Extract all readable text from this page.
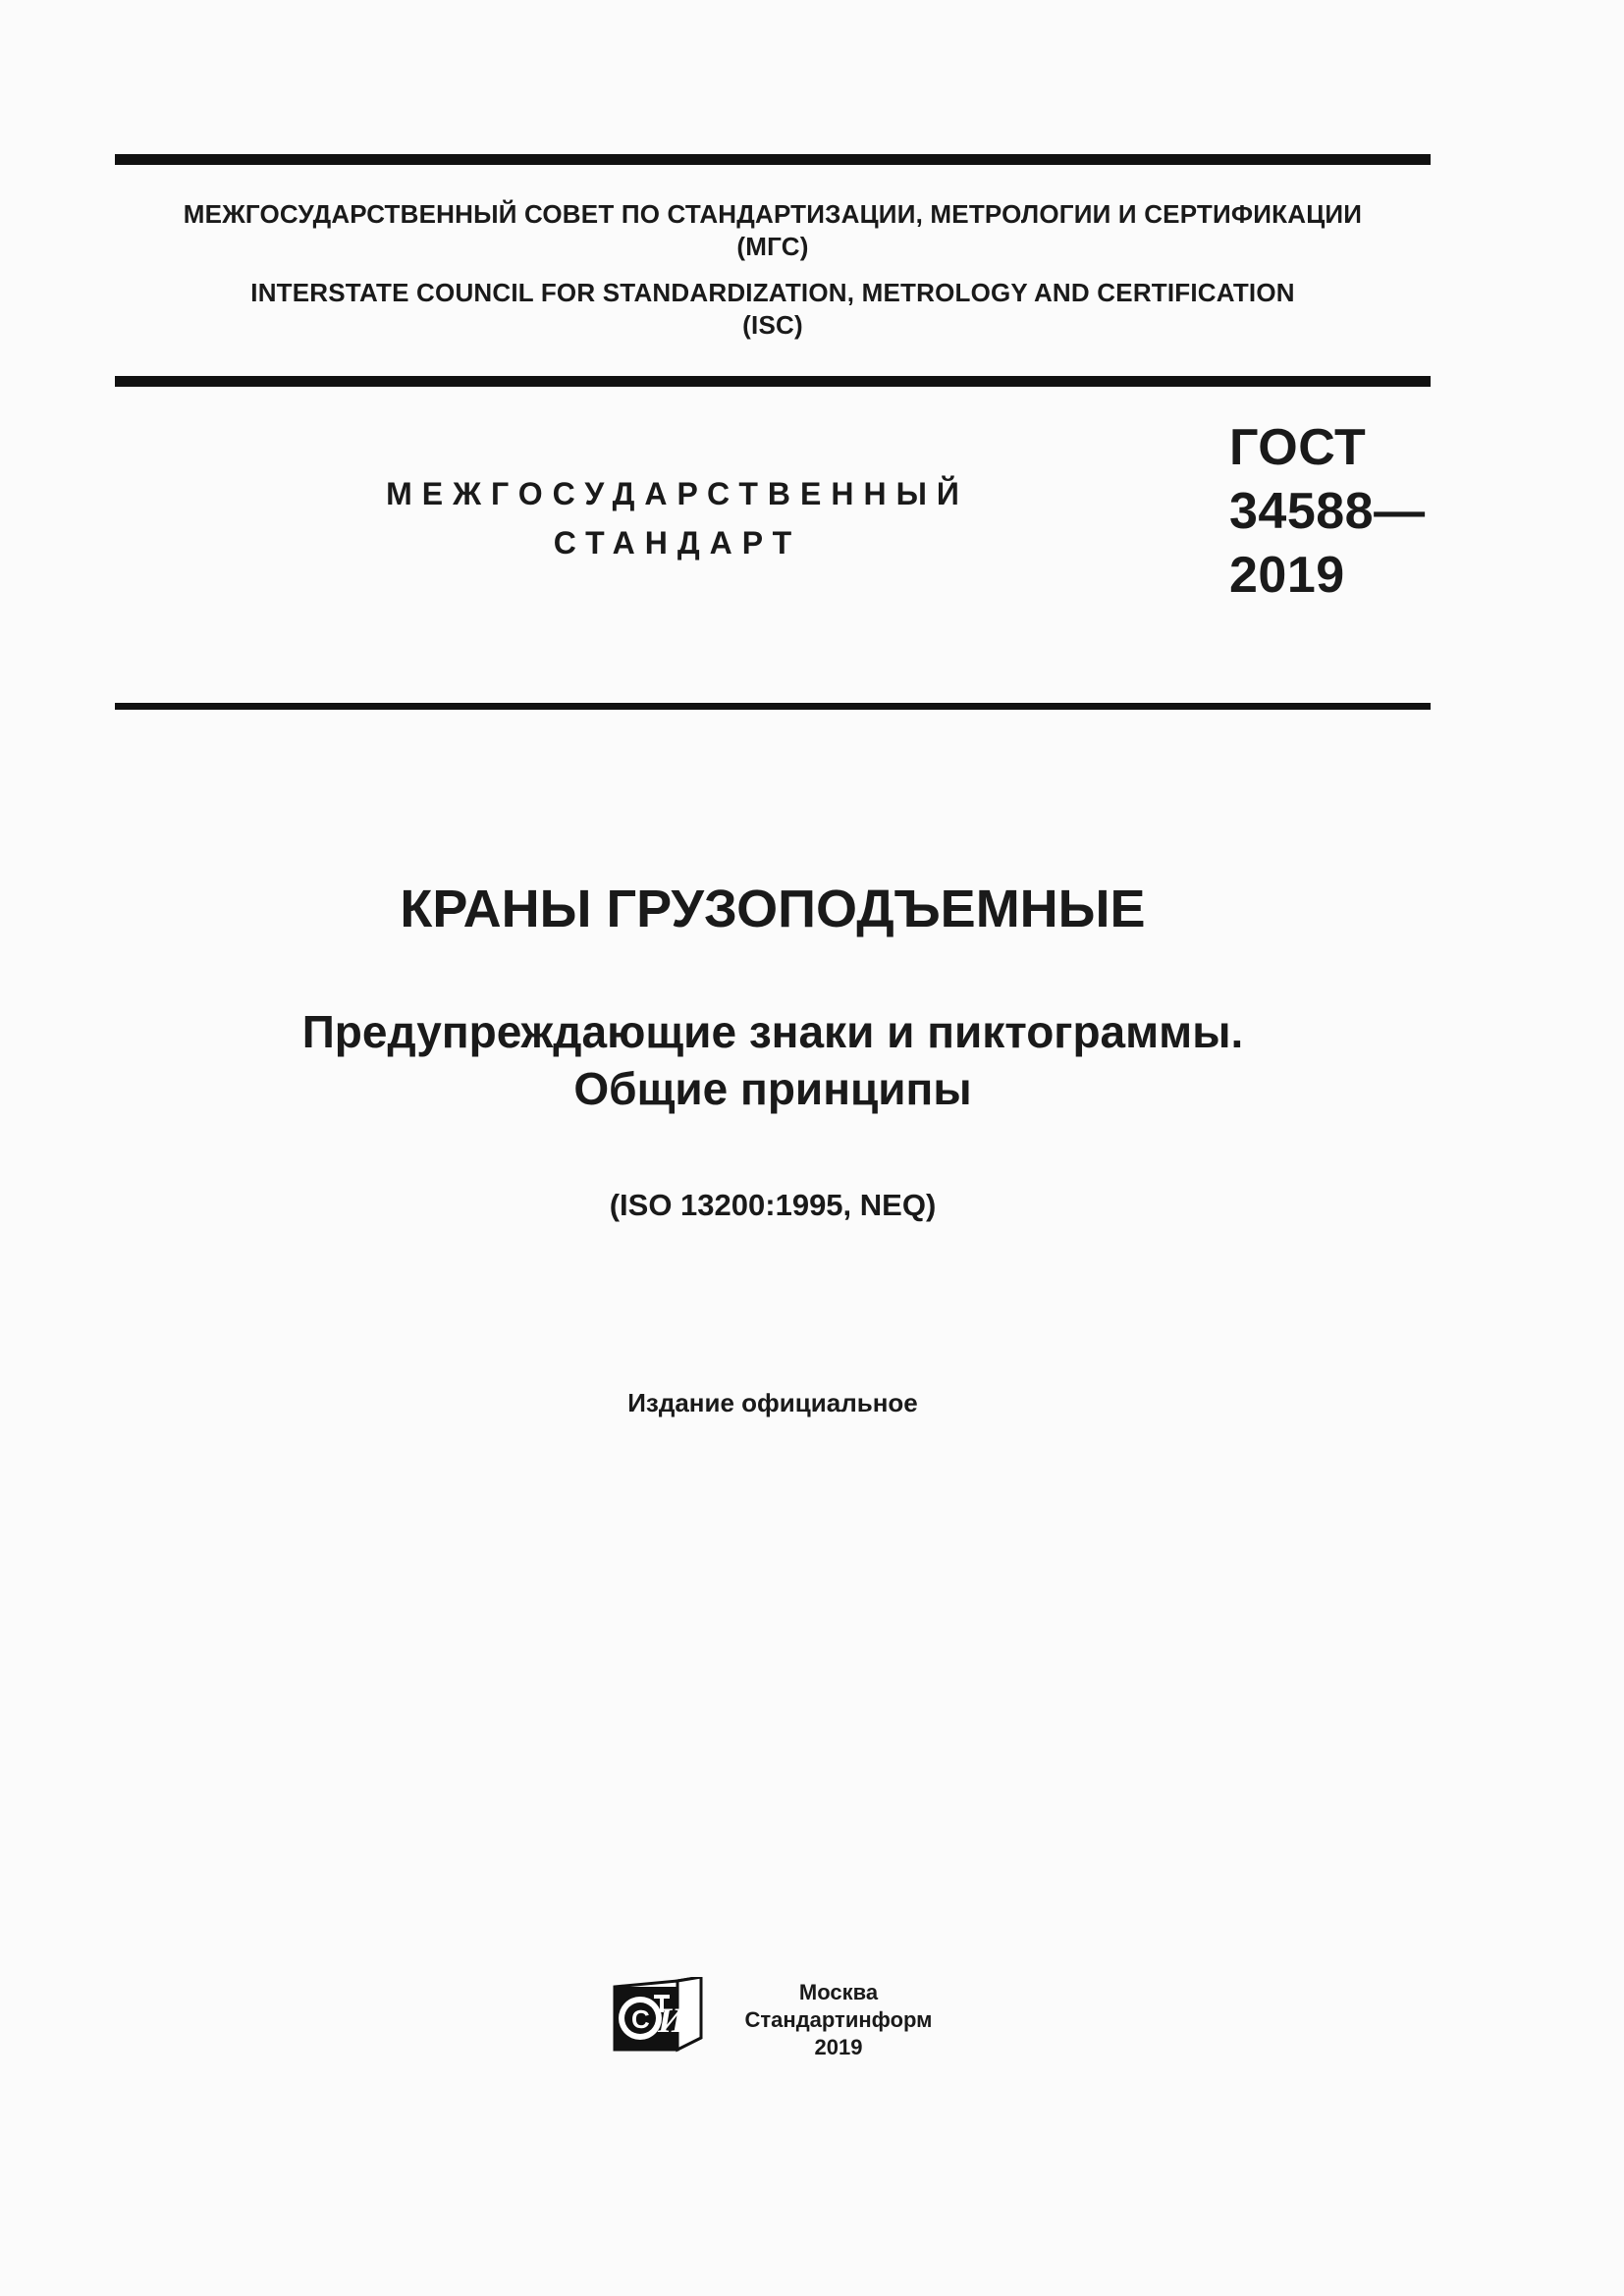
МЕЖГОСУДАРСТВЕННЫЙ СОВЕТ ПО СТАНДАРТИЗАЦИИ, МЕТРОЛОГИИ И СЕРТИФИКАЦИИ
(МГС)
INTERSTATE COUNCIL FOR STANDARDIZATION, METROLOGY AND CERTIFICATION
(ISC)
МЕЖГОСУДАРСТВЕННЫЙ
СТАНДАРТ
ГОСТ
34588—
2019
КРАНЫ ГРУЗОПОДЪЕМНЫЕ
Предупреждающие знаки и пиктограммы.
Общие принципы
(ISO 13200:1995, NEQ)
Издание официальное
С И
Москва
Стандартинформ
2019
